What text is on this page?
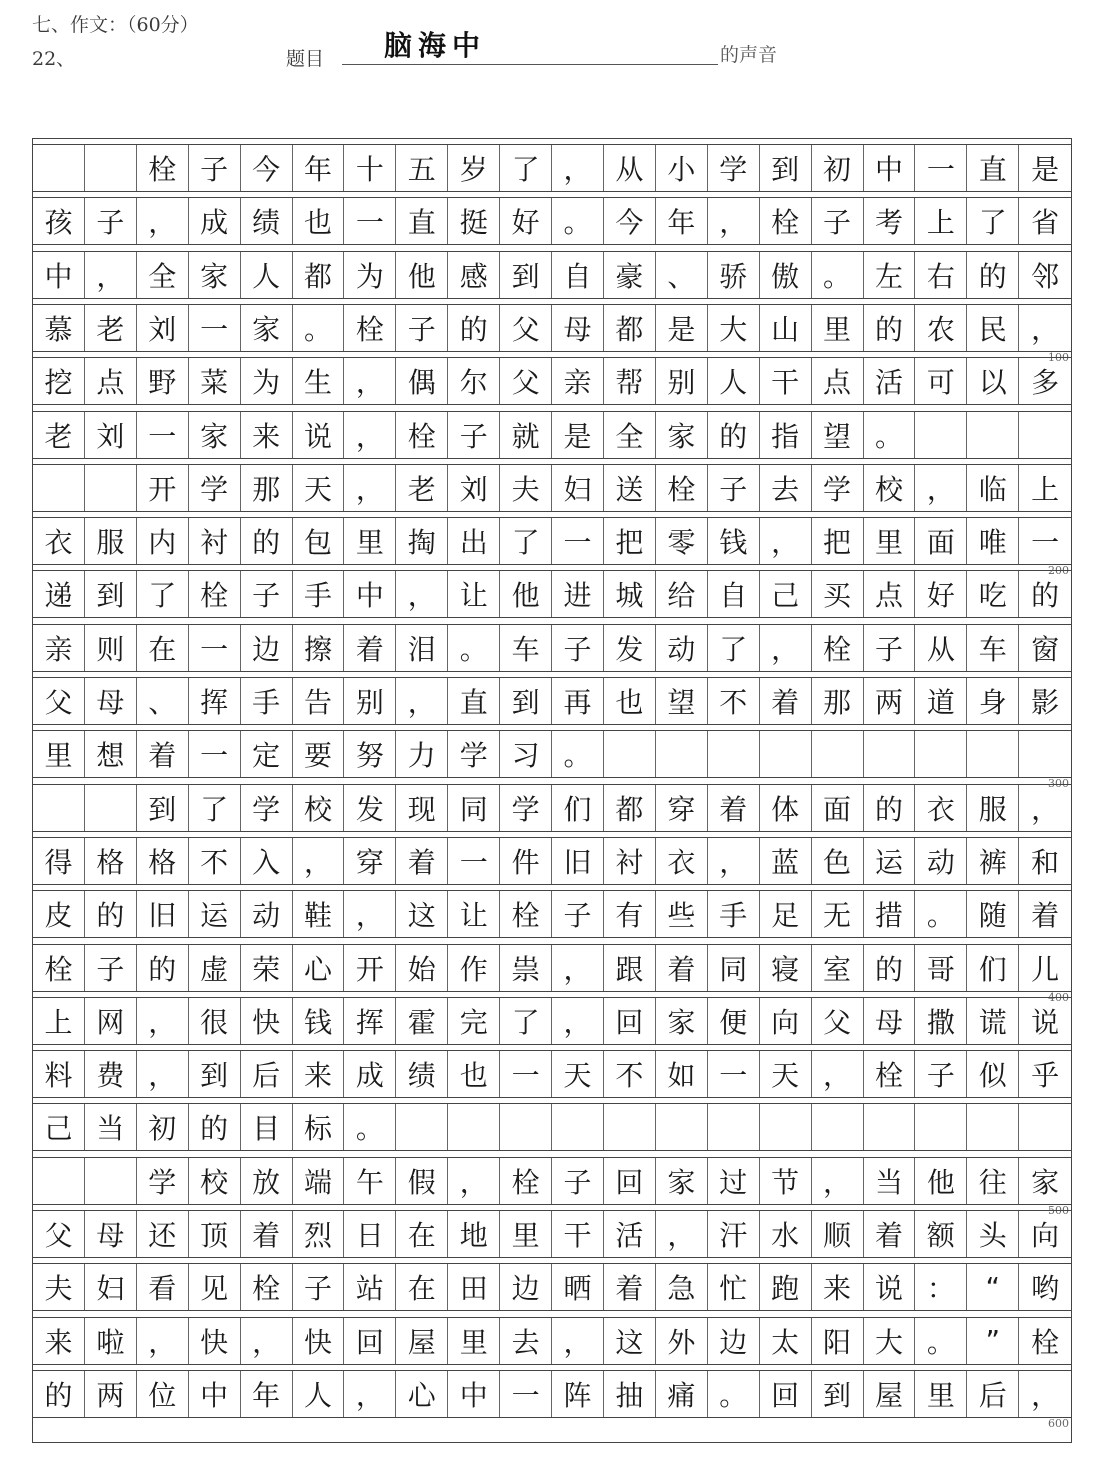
七、作文：（60分）
22、	题目 脑海中	的声音
栓 子 今 年 十 五 岁 了 ， 从 小 学 到 初 中 一 直 是
孩 子 ， 成 绩 也 一 直 挺 好 。 今 年 ， 栓 子 考 上 了 省
中 ， 全 家 人 都 为 他 感 到 自 豪 、 骄 傲 。 左 右 的 邻
慕 老 刘 一 家 。 栓 子 的 父 母 都 是 大 山 里 的 农 民 ，
100
挖 点 野 菜 为 生 ， 偶 尔 父 亲 帮 别 人 干 点 活 可 以 多
老 刘 一 家 来 说 ， 栓 子 就 是 全 家 的 指 望 。
开 学 那 天 ， 老 刘 夫 妇 送 栓 子 去 学 校 ， 临 上
衣 服 内 衬 的 包 里 掏 出 了 一 把 零 钱 ， 把 里 面 唯 一
200
递 到 了 栓 子 手 中 ， 让 他 进 城 给 自 己 买 点 好 吃 的
亲 则 在 一 边 擦 着 泪 。 车 子 发 动 了 ， 栓 子 从 车 窗
父 母 、 挥 手 告 别 ， 直 到 再 也 望 不 着 那 两 道 身 影
里 想 着 一 定 要 努 力 学 习 。
300
到 了 学 校 发 现 同 学 们 都 穿 着 体 面 的 衣 服 ，
得 格 格 不 入 ， 穿 着 一 件 旧 衬 衣 ， 蓝 色 运 动 裤 和
皮 的 旧 运 动 鞋 ， 这 让 栓 子 有 些 手 足 无 措 。 随 着
栓 子 的 虚 荣 心 开 始 作 祟 ， 跟 着 同 寝 室 的 哥 们 儿
400
上 网 ， 很 快 钱 挥 霍 完 了 ， 回 家 便 向 父 母 撒 谎 说
料 费 ， 到 后 来 成 绩 也 一 天 不 如 一 天 ， 栓 子 似 乎
己 当 初 的 目 标 。
学 校 放 端 午 假 ， 栓 子 回 家 过 节 ， 当 他 往 家
500
父 母 还 顶 着 烈 日 在 地 里 干 活 ， 汗 水 顺 着 额 头 向
夫 妇 看 见 栓 子 站 在 田 边 晒 着 急 忙 跑 来 说 ：	“	哟
来 啦 ， 快 ， 快 回 屋 里 去 ， 这 外 边 太 阳 大 。	”	栓
的 两 位 中 年 人 ， 心 中 一 阵 抽 痛 。 回 到 屋 里 后 ，
600
